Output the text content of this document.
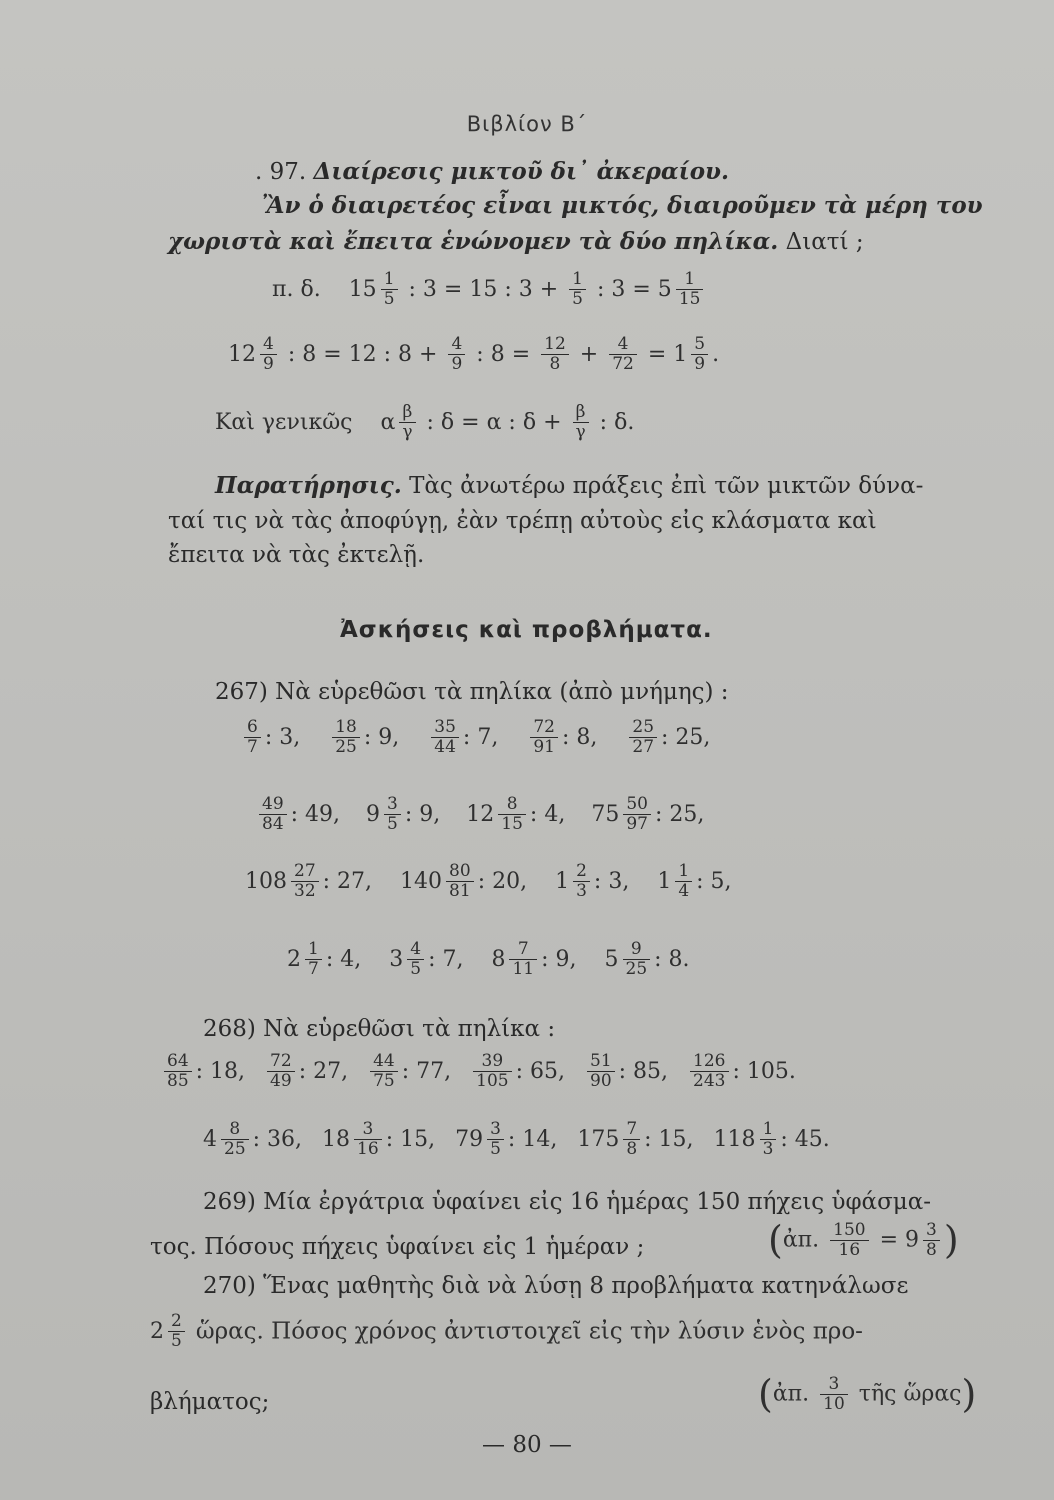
Βιβλίον Β΄
. 97. Διαίρεσις μικτοῦ δι᾽ ἀκεραίου.
Ἂν ὁ διαιρετέος εἶναι μικτός, διαιροῦμεν τὰ μέρη του
χωριστὰ καὶ ἔπειτα ἑνώνομεν τὰ δύο πηλίκα. Διατί ;
π. δ. $15 \frac{1}{5}$ : 3 = 15 : $3 + \frac{1}{5}$ : $3 = 5 \frac{1}{15}$
$12 \frac{4}{9}$ : 8 = 12 : $8 + \frac{4}{9}$ : $8 = \frac{12}{8} + \frac{4}{72} = 1 \frac{5}{9}$ .
Καὶ γενικῶς α $\frac{\beta}{\gamma}$ : δ = α : $\delta + \frac{\beta}{\gamma}$ : δ.
Παρατήρησις. Τὰς ἀνωτέρω πράξεις ἐπὶ τῶν μικτῶν δύνα-
ταί τις νὰ τὰς ἀποφύγῃ, ἐὰν τρέπῃ αὐτοὺς εἰς κλάσματα καὶ
ἔπειτα νὰ τὰς ἐκτελῇ.
Ἀσκήσεις καὶ προβλήματα.
267) Νὰ εὑρεθῶσι τὰ πηλίκα (ἀπὸ μνήμης) :
$\frac{6}{7}$ : 3, $\frac{18}{25}$ : 9, $\frac{35}{44}$ : 7, $\frac{72}{91}$ : 8, $\frac{25}{27}$ : 25,
$\frac{49}{84}$ : 49, $9 \frac{3}{5}$ : 9, $12 \frac{8}{15}$ : 4, $75 \frac{50}{97}$ : 25,
$108 \frac{27}{32}$ : 27, $140 \frac{80}{81}$ : 20, $1 \frac{2}{3}$ : 3, $1 \frac{1}{4}$ : 5,
$2 \frac{1}{7}$ : 4, $3 \frac{4}{5}$ : 7, $8 \frac{7}{11}$ : 9, $5 \frac{9}{25}$ : 8.
268) Νὰ εὑρεθῶσι τὰ πηλίκα :
$\frac{64}{85}$ : 18, $\frac{72}{49}$ : 27, $\frac{44}{75}$ : 77, $\frac{39}{105}$ : 65, $\frac{51}{90}$ : 85, $\frac{126}{243}$ : 105.
$4 \frac{8}{25}$ : 36, $18 \frac{3}{16}$ : 15, $79 \frac{3}{5}$ : 14, $175 \frac{7}{8}$ : 15, $118 \frac{1}{3}$ : 45.
269) Μία ἐργάτρια ὑφαίνει εἰς 16 ἡμέρας 150 πήχεις ὑφάσμα-
τος. Πόσους πήχεις ὑφαίνει εἰς 1 ἡμέραν ;	(ἀπ. $\frac{150}{16} = 9 \frac{3}{8}$ )
270) Ἕνας μαθητὴς διὰ νὰ λύσῃ 8 προβλήματα κατηνάλωσε
$2 \frac{2}{5}$ ὥρας. Πόσος χρόνος ἀντιστοιχεῖ εἰς τὴν λύσιν ἑνὸς προ-
βλήματος;	(ἀπ. $\frac{3}{10}$ τῆς ὥρας)
— 80 —
